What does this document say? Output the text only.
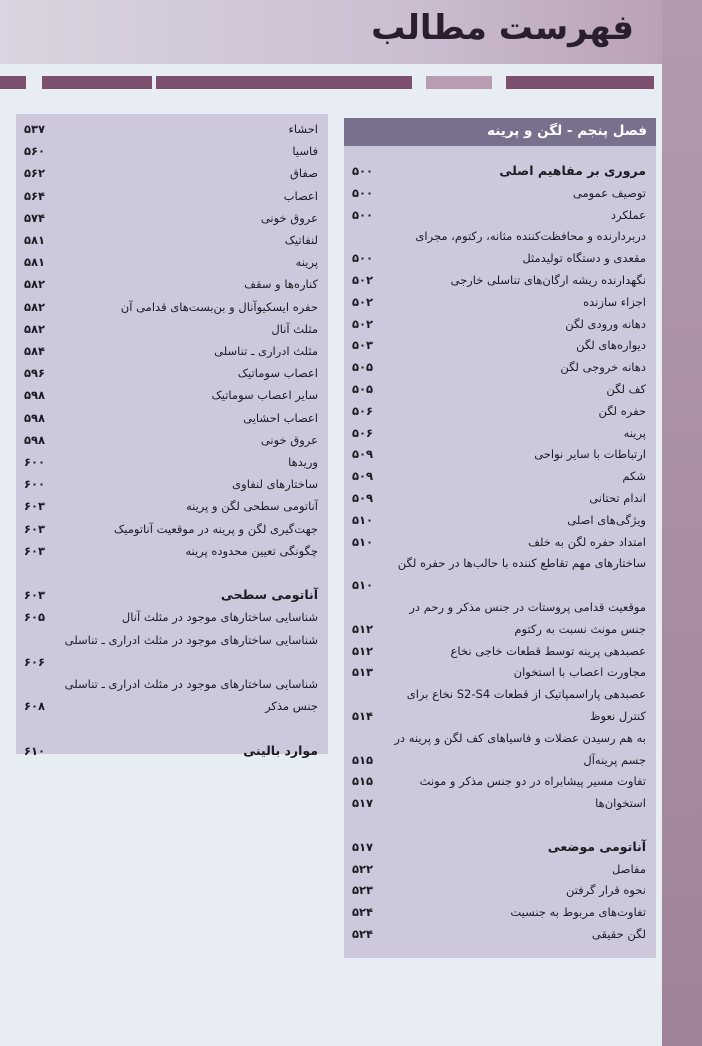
فهرست مطالب
فصل پنجم - لگن و پرینه
مروری بر مفاهیم اصلی
۵۰۰
توصیف عمومی
۵۰۰
عملکرد
۵۰۰
دربردارنده و محافظت‌کننده مثانه، رکتوم، مجرای
مقعدی و دستگاه تولیدمثل
۵۰۰
نگهدارنده ریشه ارگان‌های تناسلی خارجی
۵۰۲
اجزاء سازنده
۵۰۲
دهانه ورودی لگن
۵۰۲
دیواره‌های لگن
۵۰۳
دهانه خروجی لگن
۵۰۵
کف لگن
۵۰۵
حفره لگن
۵۰۶
پرینه
۵۰۶
ارتباطات با سایر نواحی
۵۰۹
شکم
۵۰۹
اندام تحتانی
۵۰۹
ویژگی‌های اصلی
۵۱۰
امتداد حفره لگن به خلف
۵۱۰
ساختارهای مهم تقاطع کننده با حالب‌ها در حفره لگن
۵۱۰
موقعیت قدامی پروستات در جنس مذکر و رحم در
جنس مونث نسبت به رکتوم
۵۱۲
عصبدهی پرینه توسط قطعات خاجی نخاع
۵۱۲
مجاورت اعصاب با استخوان
۵۱۳
عصبدهی پاراسمپاتیک از قطعات S2-S4 نخاع برای
کنترل نعوظ
۵۱۴
به هم رسیدن عضلات و فاسیاهای کف لگن و پرینه در
جسم پرینه‌آل
۵۱۵
تفاوت مسیر پیشابراه در دو جنس مذکر و مونث
۵۱۵
استخوان‌ها
۵۱۷
آناتومی موضعی
۵۱۷
مفاصل
۵۲۲
نحوه قرار گرفتن
۵۲۳
تفاوت‌های مربوط به جنسیت
۵۲۴
لگن حقیقی
۵۲۴
احشاء
۵۳۷
فاسیا
۵۶۰
صفاق
۵۶۲
اعصاب
۵۶۴
عروق خونی
۵۷۴
لنفاتیک
۵۸۱
پرینه
۵۸۱
کناره‌ها و سقف
۵۸۲
حفره ایسکیوآنال و بن‌بست‌های قدامی آن
۵۸۲
مثلث آنال
۵۸۲
مثلث ادراری ـ تناسلی
۵۸۴
اعصاب سوماتیک
۵۹۶
سایر اعصاب سوماتیک
۵۹۸
اعصاب احشایی
۵۹۸
عروق خونی
۵۹۸
وریدها
۶۰۰
ساختارهای لنفاوی
۶۰۰
آناتومی سطحی لگن و پرینه
۶۰۳
جهت‌گیری لگن و پرینه در موقعیت آناتومیک
۶۰۳
چگونگی تعیین محدوده پرینه
۶۰۳
آناتومی سطحی
۶۰۳
شناسایی ساختارهای موجود در مثلث آنال
۶۰۵
شناسایی ساختارهای موجود در مثلث ادراری ـ تناسلی
۶۰۶
شناسایی ساختارهای موجود در مثلث ادراری ـ تناسلی
جنس مذکر
۶۰۸
موارد بالینی
۶۱۰
